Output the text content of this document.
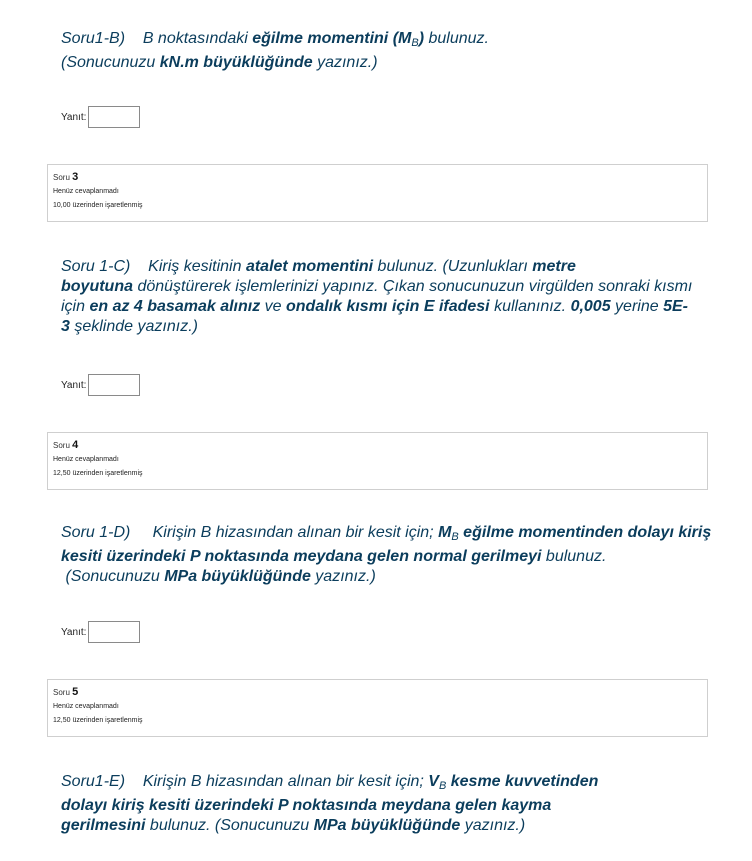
Soru1-B) B noktasındaki eğilme momentini $(M_B)$ bulunuz.
(Sonucunuzu kN.m büyüklüğünde yazınız.)
Yanıt:
Soru 3
Henüz cevaplanmadı
10,00 üzerinden işaretlenmiş
Soru 1-C) Kiriş kesitinin atalet momentini bulunuz. (Uzunlukları metre
boyutuna dönüştürerek işlemlerinizi yapınız. Çıkan sonucunuzun virgülden sonraki kısmı
için en az 4 basamak alınız ve ondalık kısmı için E ifadesi kullanınız. 0,005 yerine 5E-
3 şeklinde yazınız.)
Yanıt:
Soru 4
Henüz cevaplanmadı
12,50 üzerinden işaretlenmiş
Soru 1-D) Kirişin B hizasından alınan bir kesit için; $M_B$ eğilme momentinden dolayı kiriş
kesiti üzerindeki P noktasında meydana gelen normal gerilmeyi bulunuz.
(Sonucunuzu MPa büyüklüğünde yazınız.)
Yanıt:
Soru 5
Henüz cevaplanmadı
12,50 üzerinden işaretlenmiş
Soru1-E) Kirişin B hizasından alınan bir kesit için; $V_B$ kesme kuvvetinden
dolayı kiriş kesiti üzerindeki P noktasında meydana gelen kayma
gerilmesini bulunuz. (Sonucunuzu MPa büyüklüğünde yazınız.)
